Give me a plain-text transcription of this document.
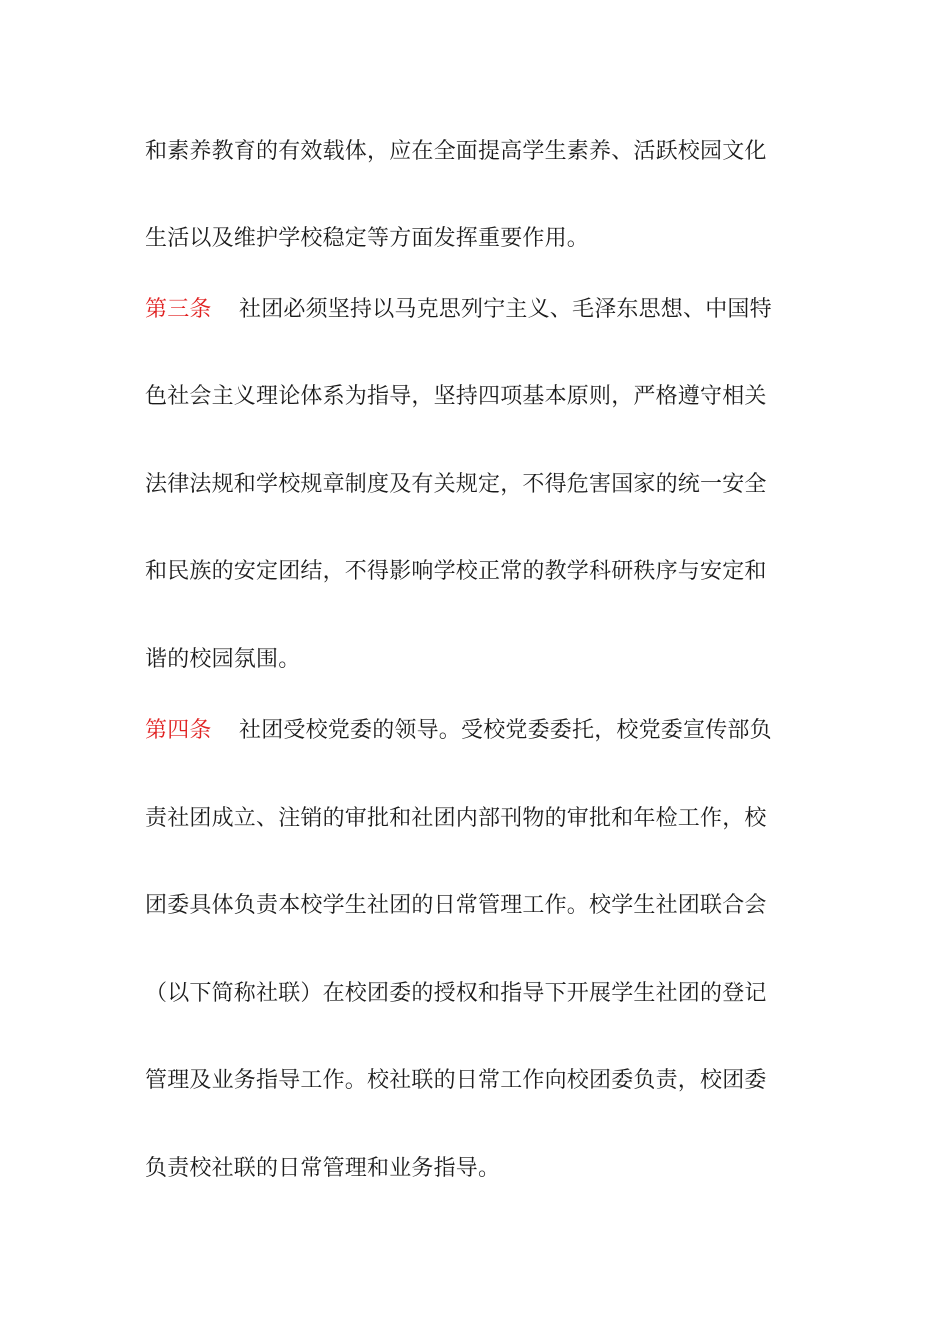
和素养教育的有效载体，应在全面提高学生素养、活跃校园文化
生活以及维护学校稳定等方面发挥重要作用。
第三条 社团必须坚持以马克思列宁主义、毛泽东思想、中国特
色社会主义理论体系为指导，坚持四项基本原则，严格遵守相关
法律法规和学校规章制度及有关规定，不得危害国家的统一安全
和民族的安定团结，不得影响学校正常的教学科研秩序与安定和
谐的校园氛围。
第四条 社团受校党委的领导。受校党委委托，校党委宣传部负
责社团成立、注销的审批和社团内部刊物的审批和年检工作，校
团委具体负责本校学生社团的日常管理工作。校学生社团联合会
（以下简称社联）在校团委的授权和指导下开展学生社团的登记
管理及业务指导工作。校社联的日常工作向校团委负责，校团委
负责校社联的日常管理和业务指导。
